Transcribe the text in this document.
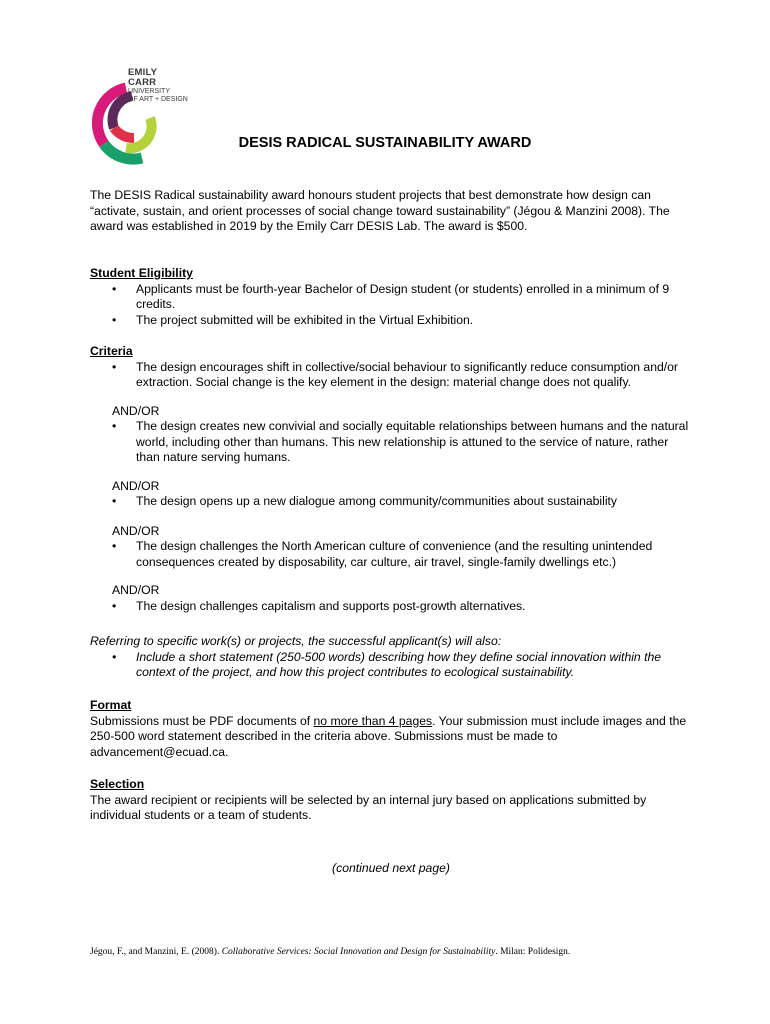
EMILY
CARR
UNIVERSITY
OF ART + DESIGN
DESIS RADICAL SUSTAINABILITY AWARD

The DESIS Radical sustainability award honours student projects that best demonstrate how design can

“activate, sustain, and orient processes of social change toward sustainability” (Jégou & Manzini 2008). The

award was established in 2019 by the Emily Carr DESIS Lab. The award is $500.

Student Eligibility

• Applicants must be fourth-year Bachelor of Design student (or students) enrolled in a minimum of 9 credits.
• The project submitted will be exhibited in the Virtual Exhibition.

Criteria

• The design encourages shift in collective/social behaviour to significantly reduce consumption and/or extraction. Social change is the key element in the design: material change does not qualify.

AND/OR

• The design creates new convivial and socially equitable relationships between humans and the natural world, including other than humans. This new relationship is attuned to the service of nature, rather than nature serving humans.

AND/OR

• The design opens up a new dialogue among community/communities about sustainability

AND/OR

• The design challenges the North American culture of convenience (and the resulting unintended consequences created by disposability, car culture, air travel, single-family dwellings etc.)

AND/OR

• The design challenges capitalism and supports post-growth alternatives.

Referring to specific work(s) or projects, the successful applicant(s) will also:

• Include a short statement (250-500 words) describing how they define social innovation within the context of the project, and how this project contributes to ecological sustainability.

Format

Submissions must be PDF documents of no more than 4 pages. Your submission must include images and the 250-500 word statement described in the criteria above. Submissions must be made to advancement@ecuad.ca.

Selection

The award recipient or recipients will be selected by an internal jury based on applications submitted by individual students or a team of students.

(continued next page)
Jégou, F., and Manzini, E. (2008). Collaborative Services: Social Innovation and Design for Sustainability. Milan: Polidesign.
